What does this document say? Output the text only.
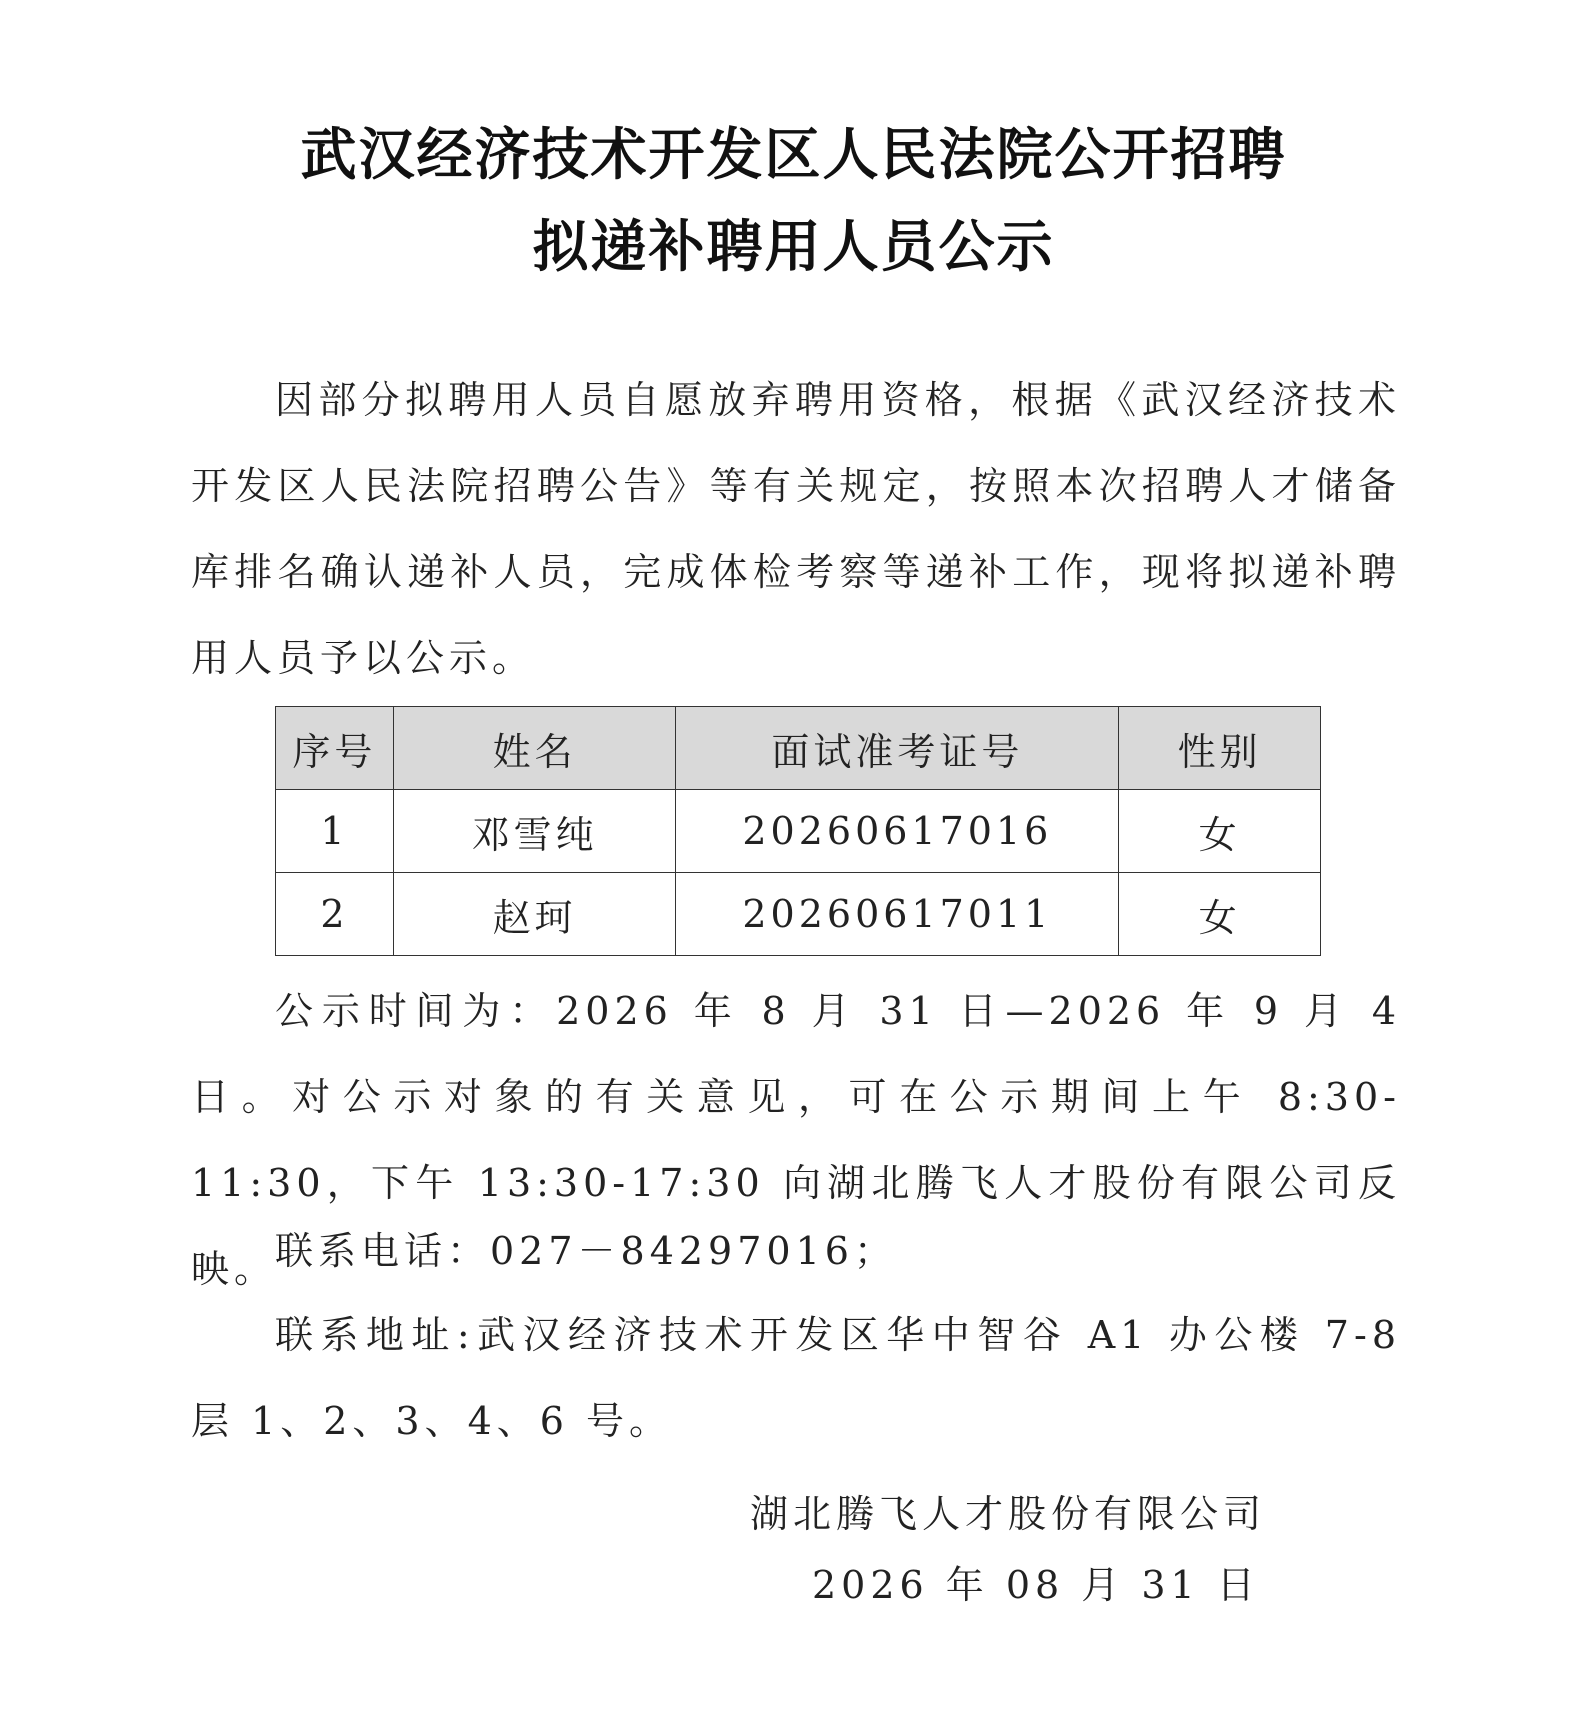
武汉经济技术开发区人民法院公开招聘
拟递补聘用人员公示

因部分拟聘用人员自愿放弃聘用资格，根据《武汉经济技术开发区人民法院招聘公告》等有关规定，按照本次招聘人才储备库排名确认递补人员，完成体检考察等递补工作，现将拟递补聘用人员予以公示。

序号	姓名	面试准考证号	性别
1	邓雪纯	20260617016	女
2	赵珂	20260617011	女

公示时间为：2026 年 8 月 31 日—2026 年 9 月 4 日。对公示对象的有关意见，可在公示期间上午 8:30-11:30，下午 13:30-17:30 向湖北腾飞人才股份有限公司反映。

联系电话：027－84297016；

联系地址:武汉经济技术开发区华中智谷 A1 办公楼 7-8 层 1、2、3、4、6 号。

湖北腾飞人才股份有限公司
2026 年 08 月 31 日
